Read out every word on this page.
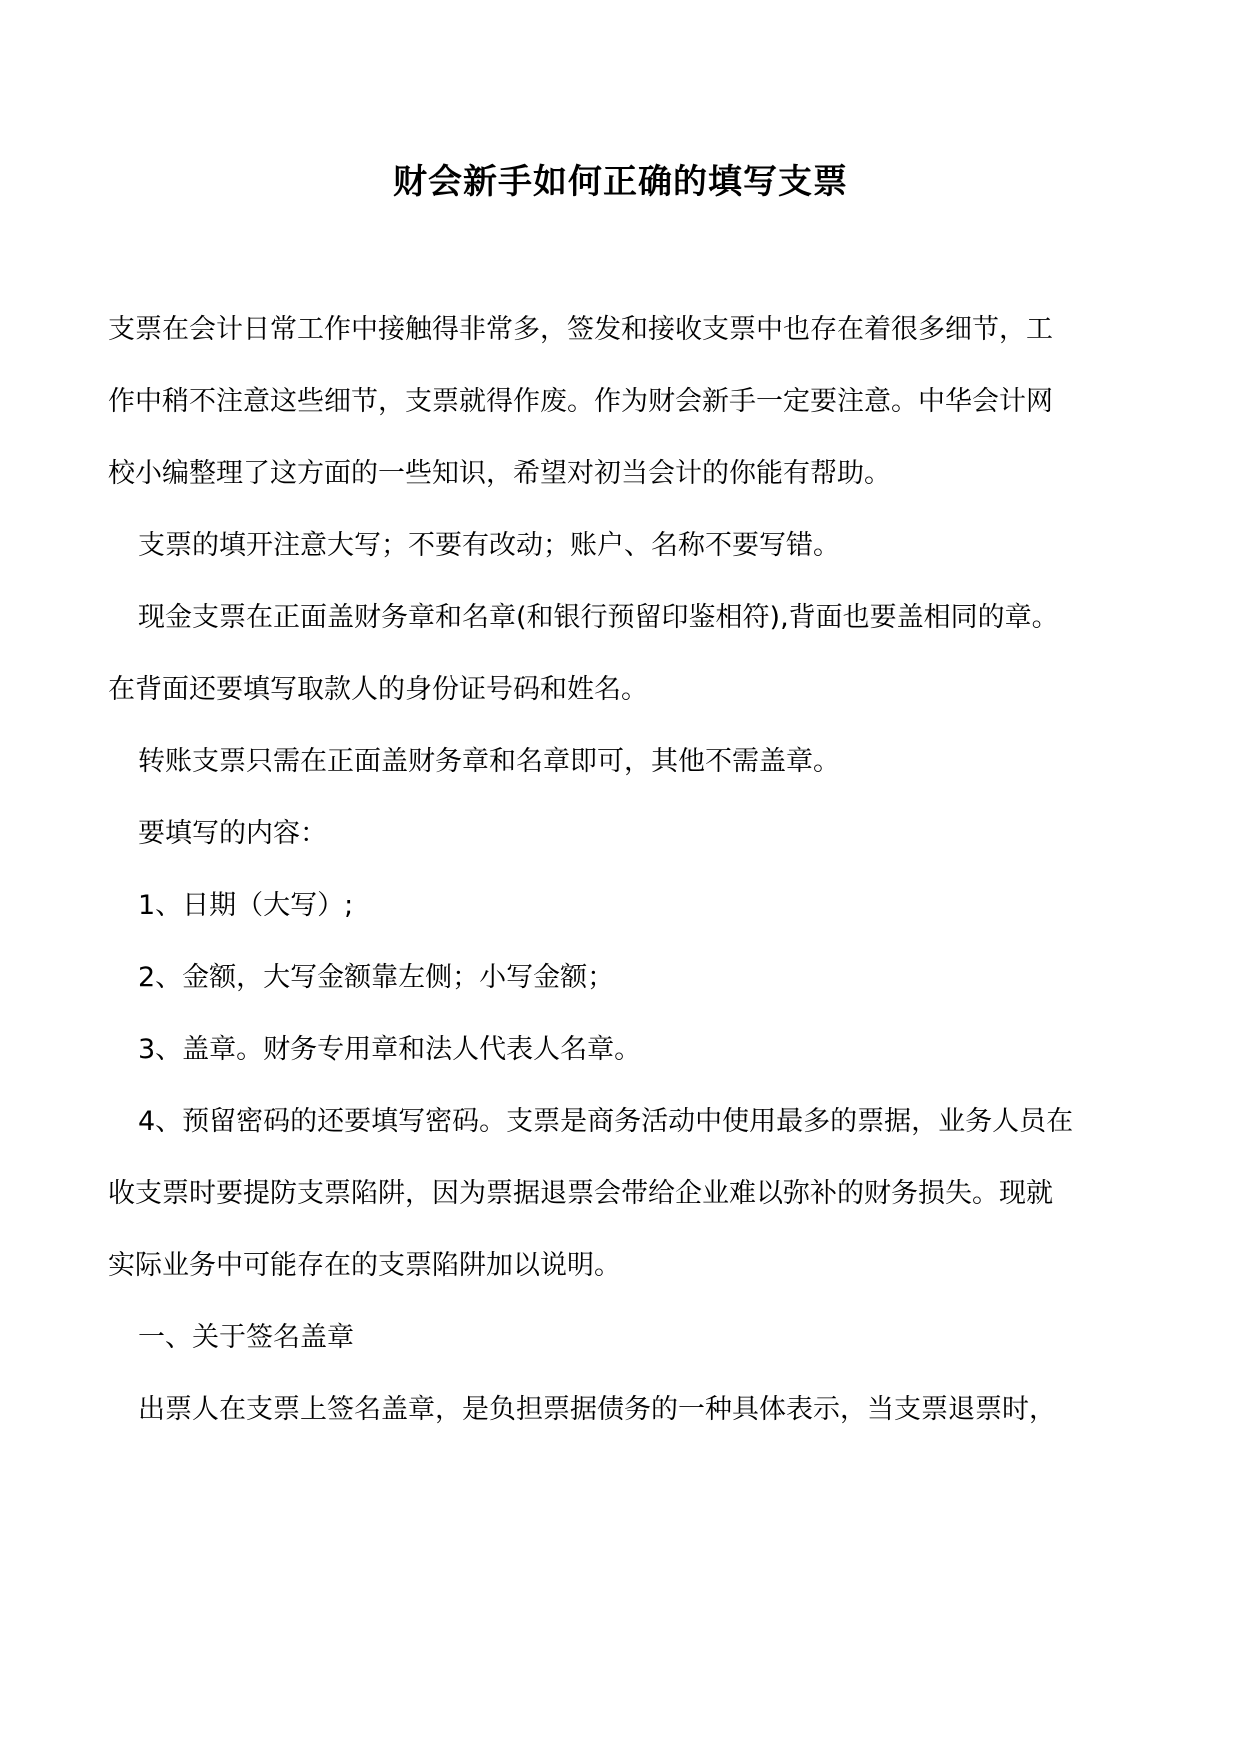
财会新手如何正确的填写支票
支票在会计日常工作中接触得非常多，签发和接收支票中也存在着很多细节，工
作中稍不注意这些细节，支票就得作废。作为财会新手一定要注意。中华会计网
校小编整理了这方面的一些知识，希望对初当会计的你能有帮助。
支票的填开注意大写；不要有改动；账户、名称不要写错。
现金支票在正面盖财务章和名章(和银行预留印鉴相符),背面也要盖相同的章。
在背面还要填写取款人的身份证号码和姓名。
转账支票只需在正面盖财务章和名章即可，其他不需盖章。
要填写的内容：
1、日期（大写）;
2、金额，大写金额靠左侧；小写金额；
3、盖章。财务专用章和法人代表人名章。
4、预留密码的还要填写密码。支票是商务活动中使用最多的票据，业务人员在
收支票时要提防支票陷阱，因为票据退票会带给企业难以弥补的财务损失。现就
实际业务中可能存在的支票陷阱加以说明。
一、关于签名盖章
出票人在支票上签名盖章，是负担票据债务的一种具体表示，当支票退票时，
